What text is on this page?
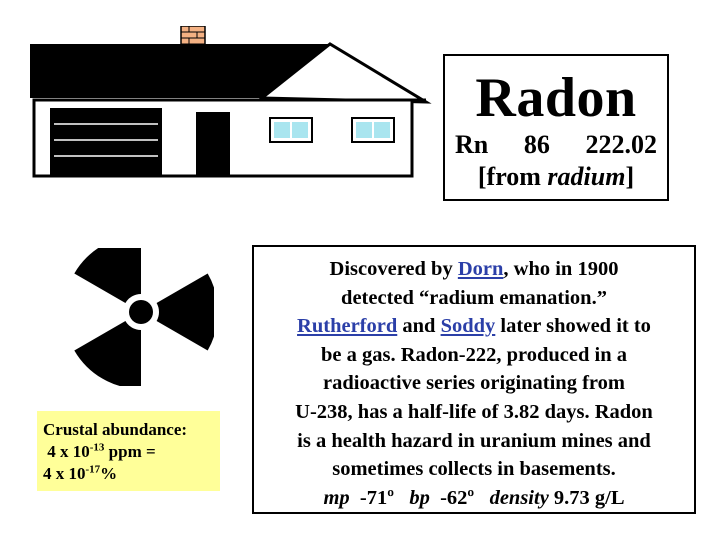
Radon
Rn 86 222.02
[from radium]
Crustal abundance:
4 x $10^{-13}$ ppm =
4 x $10^{-17}\%$
Discovered by Dorn, who in 1900
detected “radium emanation.”
Rutherford and Soddy later showed it to
be a gas. Radon-222, produced in a
radioactive series originating from
U-238, has a half-life of 3.82 days. Radon
is a health hazard in uranium mines and
sometimes collects in basements.
mp -71º bp -62º density 9.73 g/L
